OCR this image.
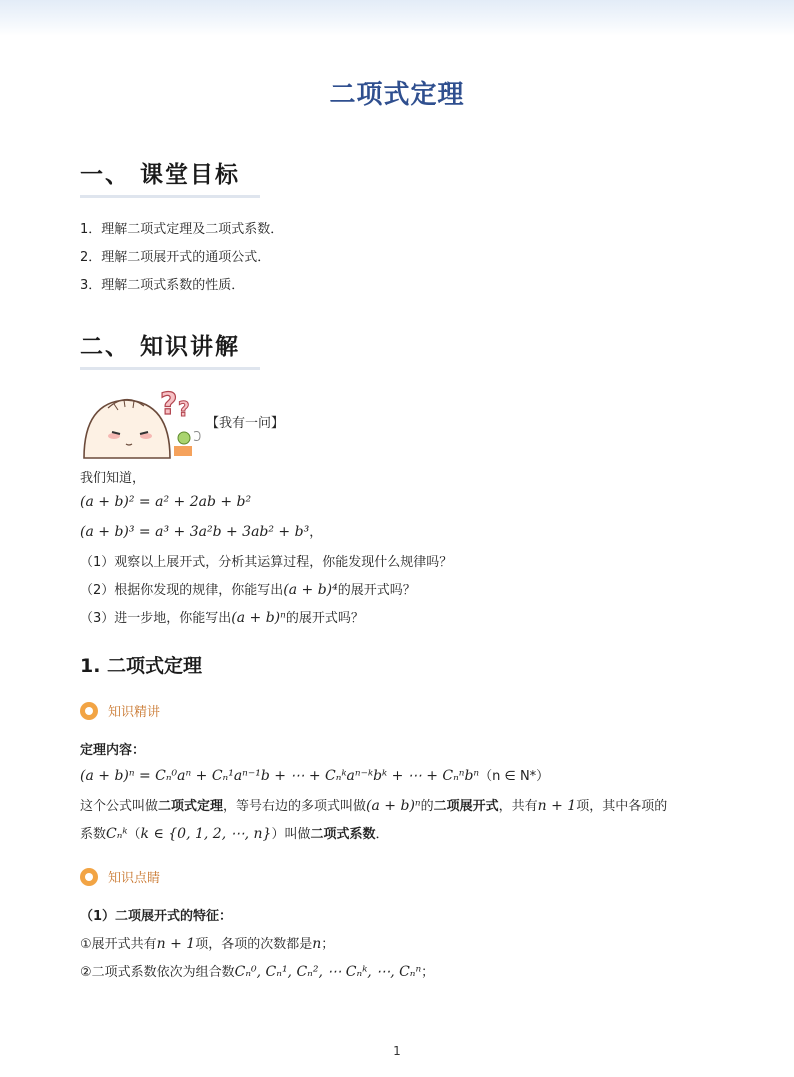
二项式定理
一、 课堂目标
1．理解二项式定理及二项式系数．
2．理解二项展开式的通项公式．
3．理解二项式系数的性质．
二、 知识讲解
? ?
【我有一问】
我们知道，
(a + b)² = a² + 2ab + b²
(a + b)³ = a³ + 3a²b + 3ab² + b³，
（1）观察以上展开式，分析其运算过程，你能发现什么规律吗？
（2）根据你发现的规律，你能写出(a + b)⁴的展开式吗？
（3）进一步地，你能写出(a + b)ⁿ的展开式吗？
1. 二项式定理
知识精讲
定理内容：
(a + b)ⁿ = Cₙ⁰aⁿ + Cₙ¹aⁿ⁻¹b + ⋯ + Cₙᵏaⁿ⁻ᵏbᵏ + ⋯ + Cₙⁿbⁿ（n ∈ N*）
这个公式叫做二项式定理，等号右边的多项式叫做(a + b)ⁿ的二项展开式，共有n + 1项，其中各项的
系数Cₙᵏ（k ∈ {0, 1, 2, ⋯, n}）叫做二项式系数．
知识点睛
（1）二项展开式的特征：
①展开式共有n + 1项，各项的次数都是n；
②二项式系数依次为组合数Cₙ⁰, Cₙ¹, Cₙ², ⋯ Cₙᵏ, ⋯, Cₙⁿ；
1
